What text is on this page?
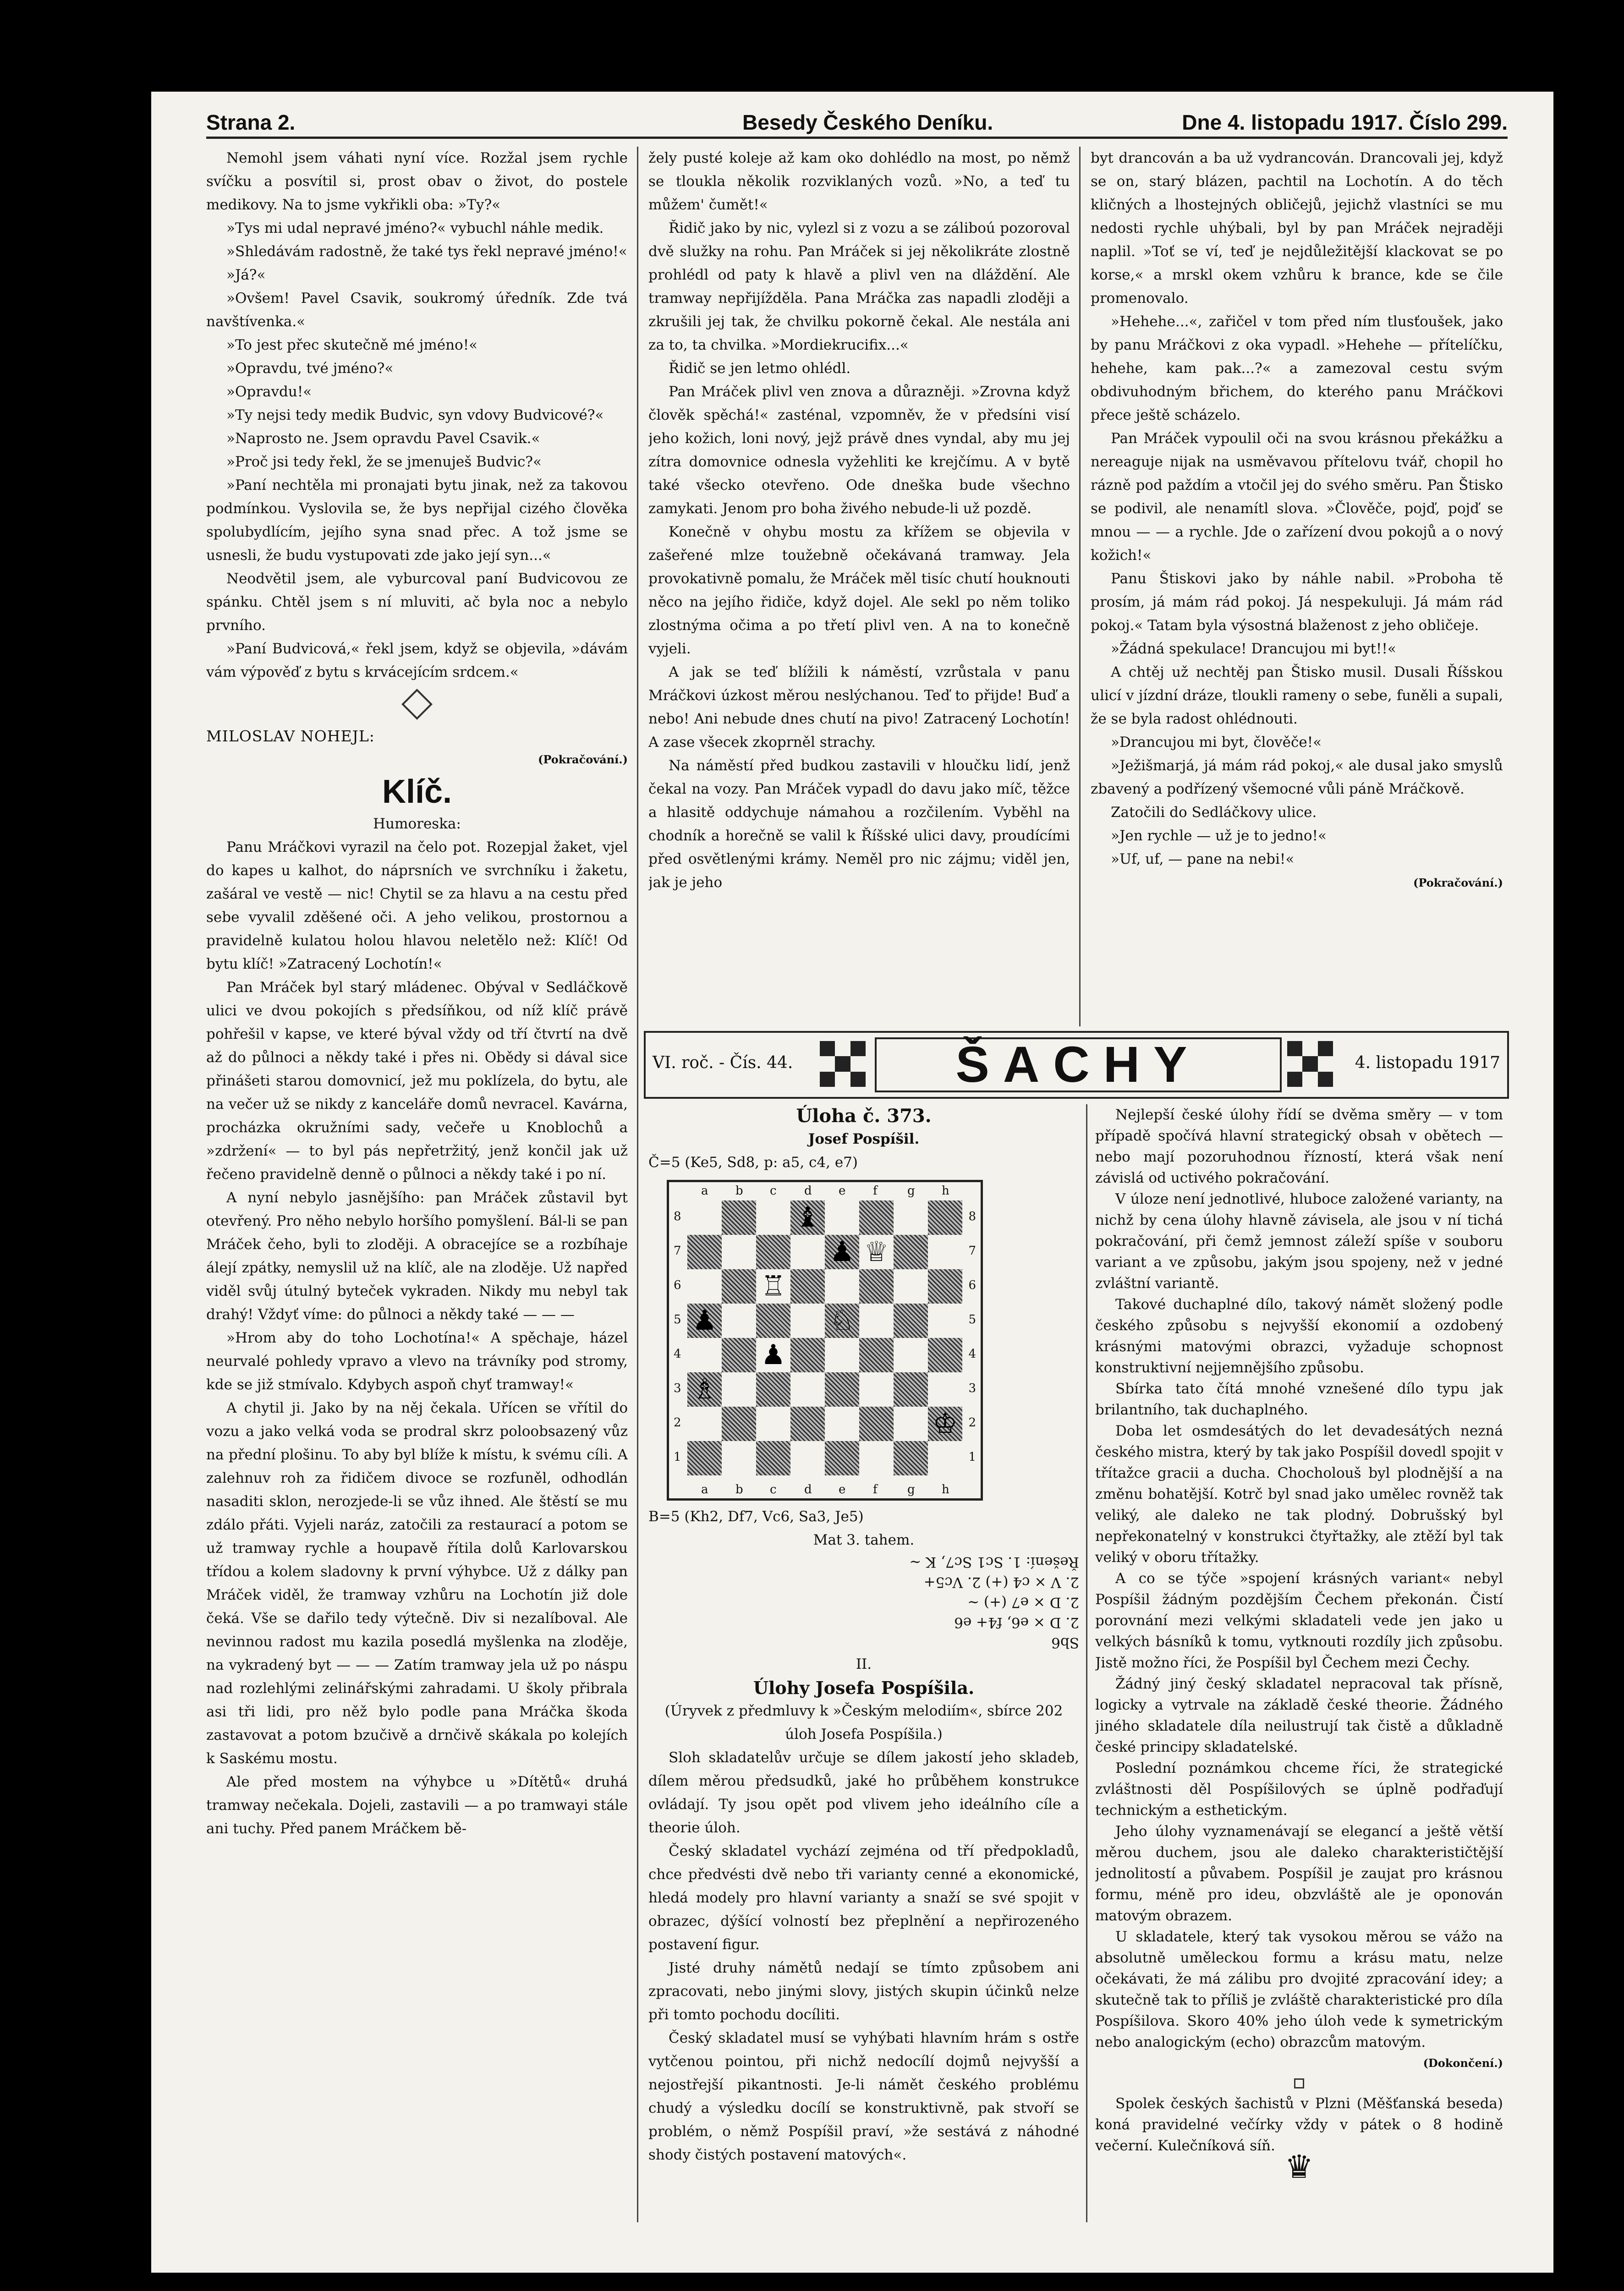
Strana 2.	Besedy Českého Deníku.	Dne 4. listopadu 1917. Číslo 299.

Nemohl jsem váhati nyní více. Rozžal jsem rychle svíčku a posvítil si, prost obav o život, do postele medikovy. Na to jsme vykřikli oba: »Ty?«

»Tys mi udal nepravé jméno?« vybuchl náhle medik.

»Shledávám radostně, že také tys řekl nepravé jméno!«

»Já?«

»Ovšem! Pavel Csavik, soukromý úředník. Zde tvá navštívenka.«

»To jest přec skutečně mé jméno!«

»Opravdu, tvé jméno?«

»Opravdu!«

»Ty nejsi tedy medik Budvic, syn vdovy Budvicové?«

»Naprosto ne. Jsem opravdu Pavel Csavik.«

»Proč jsi tedy řekl, že se jmenuješ Budvic?«

»Paní nechtěla mi pronajati bytu jinak, než za takovou podmínkou. Vyslovila se, že bys nepřijal cizého člověka spolubydlícím, jejího syna snad přec. A tož jsme se usnesli, že budu vystupovati zde jako její syn...«

Neodvětil jsem, ale vyburcoval paní Budvicovou ze spánku. Chtěl jsem s ní mluviti, ač byla noc a nebylo prvního.

»Paní Budvicová,« řekl jsem, když se objevila, »dávám vám výpověď z bytu s krvácejícím srdcem.«

MILOSLAV NOHEJL:

(Pokračování.)

Klíč.

Humoreska:

Panu Mráčkovi vyrazil na čelo pot. Rozepjal žaket, vjel do kapes u kalhot, do náprsních ve svrchníku i žaketu, zašáral ve vestě — nic! Chytil se za hlavu a na cestu před sebe vyvalil zděšené oči. A jeho velikou, prostornou a pravidelně kulatou holou hlavou neletělo než: Klíč! Od bytu klíč! »Zatracený Lochotín!«

Pan Mráček byl starý mládenec. Obýval v Sedláčkově ulici ve dvou pokojích s předsíňkou, od níž klíč právě pohřešil v kapse, ve které býval vždy od tří čtvrtí na dvě až do půlnoci a někdy také i přes ni. Obědy si dával sice přinášeti starou domovnicí, jež mu poklízela, do bytu, ale na večer už se nikdy z kanceláře domů nevracel. Kavárna, procházka okružními sady, večeře u Knoblochů a »zdržení« — to byl pás nepřetržitý, jenž končil jak už řečeno pravidelně denně o půlnoci a někdy také i po ní.

A nyní nebylo jasnějšího: pan Mráček zůstavil byt otevřený. Pro něho nebylo horšího pomyšlení. Bál-li se pan Mráček čeho, byli to zloději. A obracejíce se a rozbíhaje álejí zpátky, nemyslil už na klíč, ale na zloděje. Už napřed viděl svůj útulný byteček vykraden. Nikdy mu nebyl tak drahý! Vždyť víme: do půlnoci a někdy také — — —

»Hrom aby do toho Lochotína!« A spěchaje, házel neurvalé pohledy vpravo a vlevo na trávníky pod stromy, kde se již stmívalo. Kdybych aspoň chyť tramway!«

A chytil ji. Jako by na něj čekala. Uřícen se vřítil do vozu a jako velká voda se prodral skrz poloobsazený vůz na přední plošinu. To aby byl blíže k místu, k svému cíli. A zalehnuv roh za řidičem divoce se rozfuněl, odhodlán nasaditi sklon, nerozjede-li se vůz ihned. Ale štěstí se mu zdálo přáti. Vyjeli naráz, zatočili za restaurací a potom se už tramway rychle a houpavě řítila dolů Karlovarskou třídou a kolem sladovny k první výhybce. Už z dálky pan Mráček viděl, že tramway vzhůru na Lochotín již dole čeká. Vše se dařilo tedy výtečně. Div si nezalíboval. Ale nevinnou radost mu kazila posedlá myšlenka na zloděje, na vykradený byt — — — Zatím tramway jela už po náspu nad rozlehlými zelinářskými zahradami. U školy přibrala asi tři lidi, pro něž bylo podle pana Mráčka škoda zastavovat a potom bzučivě a drnčivě skákala po kolejích k Saskému mostu.

Ale před mostem na výhybce u »Dítětů« druhá tramway nečekala. Dojeli, zastavili — a po tramwayi stále ani tuchy. Před panem Mráčkem bě-

žely pusté koleje až kam oko dohlédlo na most, po němž se tloukla několik rozviklaných vozů. »No, a teď tu můžem' čumět!«

Řidič jako by nic, vylezl si z vozu a se záliboú pozoroval dvě služky na rohu. Pan Mráček si jej několikráte zlostně prohlédl od paty k hlavě a plivl ven na dláždění. Ale tramway nepřijížděla. Pana Mráčka zas napadli zloději a zkrušili jej tak, že chvilku pokorně čekal. Ale nestála ani za to, ta chvilka. »Mordiekrucifix...«

Řidič se jen letmo ohlédl.

Pan Mráček plivl ven znova a důrazněji. »Zrovna když člověk spěchá!« zasténal, vzpomněv, že v předsíni visí jeho kožich, loni nový, jejž právě dnes vyndal, aby mu jej zítra domovnice odnesla vyžehliti ke krejčímu. A v bytě také všecko otevřeno. Ode dneška bude všechno zamykati. Jenom pro boha živého nebude-li už pozdě.

Konečně v ohybu mostu za křížem se objevila v zašeřené mlze toužebně očekávaná tramway. Jela provokativně pomalu, že Mráček měl tisíc chutí houknouti něco na jejího řidiče, když dojel. Ale sekl po něm toliko zlostnýma očima a po třetí plivl ven. A na to konečně vyjeli.

A jak se teď blížili k náměstí, vzrůstala v panu Mráčkovi úzkost měrou neslýchanou. Teď to přijde! Buď a nebo! Ani nebude dnes chutí na pivo! Zatracený Lochotín! A zase všecek zkoprněl strachy.

Na náměstí před budkou zastavili v hloučku lidí, jenž čekal na vozy. Pan Mráček vypadl do davu jako míč, těžce a hlasitě oddychuje námahou a rozčilením. Vyběhl na chodník a horečně se valil k Říšské ulici davy, proudícími před osvětlenými krámy. Neměl pro nic zájmu; viděl jen, jak je jeho

byt drancován a ba už vydrancován. Drancovali jej, když se on, starý blázen, pachtil na Lochotín. A do těch kličných a lhostejných obličejů, jejichž vlastníci se mu nedosti rychle uhýbali, byl by pan Mráček nejraději naplil. »Toť se ví, teď je nejdůležitější klackovat se po korse,« a mrskl okem vzhůru k brance, kde se čile promenovalo.

»Hehehe...«, zařičel v tom před ním tlusťoušek, jako by panu Mráčkovi z oka vypadl. »Hehehe — přítelíčku, hehehe, kam pak...?« a zamezoval cestu svým obdivuhodným břichem, do kterého panu Mráčkovi přece ještě scházelo.

Pan Mráček vypoulil oči na svou krásnou překážku a nereaguje nijak na usměvavou přítelovu tvář, chopil ho rázně pod paždím a vtočil jej do svého směru. Pan Štisko se podivil, ale nenamítl slova. »Člověče, pojď, pojď se mnou — — a rychle. Jde o zařízení dvou pokojů a o nový kožich!«

Panu Štiskovi jako by náhle nabil. »Proboha tě prosím, já mám rád pokoj. Já nespekuluji. Já mám rád pokoj.« Tatam byla výsostná blaženost z jeho obličeje.

»Žádná spekulace! Drancujou mi byt!!«

A chtěj už nechtěj pan Štisko musil. Dusali Říšskou ulicí v jízdní dráze, tloukli rameny o sebe, funěli a supali, že se byla radost ohlédnouti.

»Drancujou mi byt, člověče!«

»Ježišmarjá, já mám rád pokoj,« ale dusal jako smyslů zbavený a podřízený všemocné vůli páně Mráčkově.

Zatočili do Sedláčkovy ulice.

»Jen rychle — už je to jedno!«

»Uf, uf, — pane na nebi!«

(Pokračování.)

VI. roč. - Čís. 44.	ŠACHY	4. listopadu 1917

Úloha č. 373.

Josef Pospíšil.

Č=5 (Ke5, Sd8, p: a5, c4, e7)

a
a
b
b
c
c
d
d
e
e
f
f
g
g
h
h
8	8
7	7
6	6
5	5
4	4
3	3
2	2
1	1
♝
♟
♟
♟
♔
♕
♖
♗
♘

B=5 (Kh2, Df7, Vc6, Sa3, Je5)

Mat 3. tahem.

Sb6
2. D × e6, f4+ e6
2. D × e7 (+) ~
2. V × c4 (+) 2. Vc5+
Řešení: 1. Sc1 Sc7, K ~

II.

Úlohy Josefa Pospíšila.

(Úryvek z předmluvy k »Českým melodiím«, sbírce 202 úloh Josefa Pospíšila.)

Sloh skladatelův určuje se dílem jakostí jeho skladeb, dílem měrou předsudků, jaké ho průběhem konstrukce ovládají. Ty jsou opět pod vlivem jeho ideálního cíle a theorie úloh.

Český skladatel vychází zejména od tří předpokladů, chce předvésti dvě nebo tři varianty cenné a ekonomické, hledá modely pro hlavní varianty a snaží se své spojit v obrazec, dýšící volností bez přeplnění a nepřirozeného postavení figur.

Jisté druhy námětů nedají se tímto způsobem ani zpracovati, nebo jinými slovy, jistých skupin účinků nelze při tomto pochodu docíliti.

Český skladatel musí se vyhýbati hlavním hrám s ostře vytčenou pointou, při nichž nedocílí dojmů nejvyšší a nejostřejší pikantnosti. Je-li námět českého problému chudý a výsledku docílí se konstruktivně, pak stvoří se problém, o němž Pospíšil praví, »že sestává z náhodné shody čistých postavení matových«.

Nejlepší české úlohy řídí se dvěma směry — v tom případě spočívá hlavní strategický obsah v obětech — nebo mají pozoruhodnou řízností, která však není závislá od uctivého pokračování.

V úloze není jednotlivé, hluboce založené varianty, na nichž by cena úlohy hlavně závisela, ale jsou v ní tichá pokračování, při čemž jemnost záleží spíše v souboru variant a ve způsobu, jakým jsou spojeny, než v jedné zvláštní variantě.

Takové duchaplné dílo, takový námět složený podle českého způsobu s nejvyšší ekonomií a ozdobený krásnými matovými obrazci, vyžaduje schopnost konstruktivní nejjemnějšího způsobu.

Sbírka tato čítá mnohé vznešené dílo typu jak brilantního, tak duchaplného.

Doba let osmdesátých do let devadesátých nezná českého mistra, který by tak jako Pospíšil dovedl spojit v třítažce gracii a ducha. Chocholouš byl plodnější a na změnu bohatější. Kotrč byl snad jako umělec rovněž tak veliký, ale daleko ne tak plodný. Dobrušský byl nepřekonatelný v konstrukci čtyřtažky, ale ztěží byl tak veliký v oboru třítažky.

A co se týče »spojení krásných variant« nebyl Pospíšil žádným pozdějším Čechem překonán. Čistí porovnání mezi velkými skladateli vede jen jako u velkých básníků k tomu, vytknouti rozdíly jich způsobu. Jistě možno říci, že Pospíšil byl Čechem mezi Čechy.

Žádný jiný český skladatel nepracoval tak přísně, logicky a vytrvale na základě české theorie. Žádného jiného skladatele díla neilustrují tak čistě a důkladně české principy skladatelské.

Poslední poznámkou chceme říci, že strategické zvláštnosti děl Pospíšilových se úplně podřaďují technickým a esthetickým.

Jeho úlohy vyznamenávají se elegancí a ještě větší měrou duchem, jsou ale daleko charakterističtější jednolitostí a půvabem. Pospíšil je zaujat pro krásnou formu, méně pro ideu, obzvláště ale je oponován matovým obrazem.

U skladatele, který tak vysokou měrou se vážo na absolutně uměleckou formu a krásu matu, nelze očekávati, že má zálibu pro dvojité zpracování idey; a skutečně tak to příliš je zvláště charakteristické pro díla Pospíšilova. Skoro 40% jeho úloh vede k symetrickým nebo analogickým (echo) obrazcům matovým.

(Dokončení.)

Spolek českých šachistů v Plzni (Měšťanská beseda) koná pravidelné večírky vždy v pátek o 8 hodině večerní. Kulečníková síň.

♛
